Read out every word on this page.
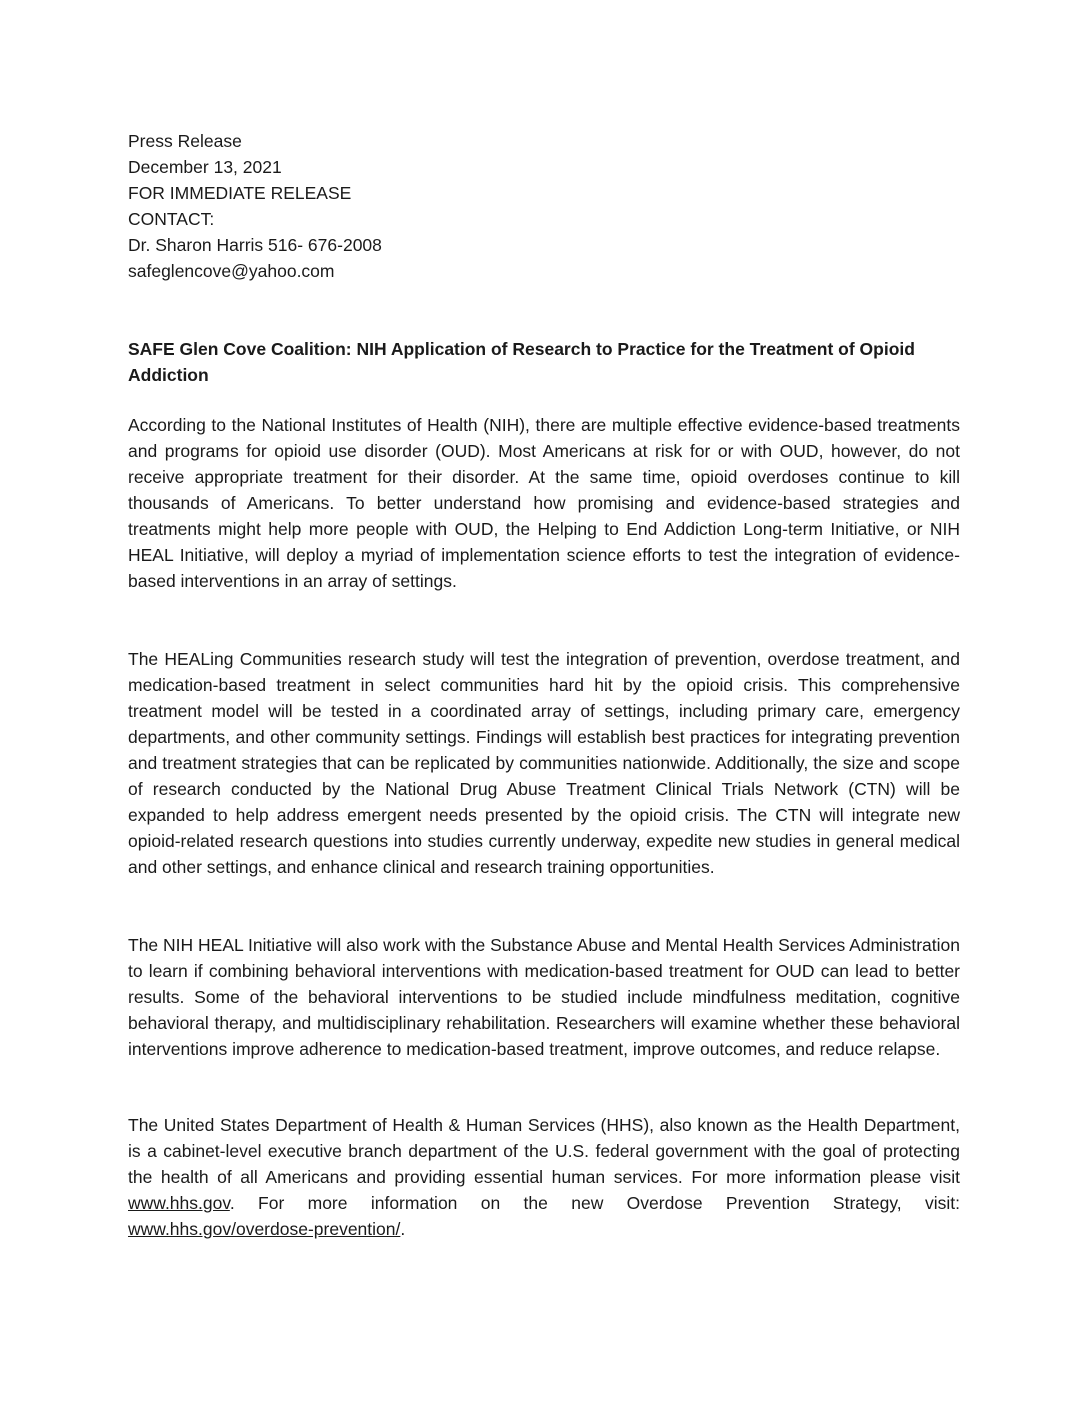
Press Release
December 13, 2021
FOR IMMEDIATE RELEASE
CONTACT:
Dr. Sharon Harris 516- 676-2008
safeglencove@yahoo.com
SAFE Glen Cove Coalition: NIH Application of Research to Practice for the Treatment of Opioid Addiction

According to the National Institutes of Health (NIH), there are multiple effective evidence-based treatments and programs for opioid use disorder (OUD). Most Americans at risk for or with OUD, however, do not receive appropriate treatment for their disorder. At the same time, opioid overdoses continue to kill thousands of Americans. To better understand how promising and evidence-based strategies and treatments might help more people with OUD, the Helping to End Addiction Long-term Initiative, or NIH HEAL Initiative, will deploy a myriad of implementation science efforts to test the integration of evidence-based interventions in an array of settings.

The HEALing Communities research study will test the integration of prevention, overdose treatment, and medication-based treatment in select communities hard hit by the opioid crisis. This comprehensive treatment model will be tested in a coordinated array of settings, including primary care, emergency departments, and other community settings. Findings will establish best practices for integrating prevention and treatment strategies that can be replicated by communities nationwide. Additionally, the size and scope of research conducted by the National Drug Abuse Treatment Clinical Trials Network (CTN) will be expanded to help address emergent needs presented by the opioid crisis. The CTN will integrate new opioid-related research questions into studies currently underway, expedite new studies in general medical and other settings, and enhance clinical and research training opportunities.

The NIH HEAL Initiative will also work with the Substance Abuse and Mental Health Services Administration to learn if combining behavioral interventions with medication-based treatment for OUD can lead to better results. Some of the behavioral interventions to be studied include mindfulness meditation, cognitive behavioral therapy, and multidisciplinary rehabilitation. Researchers will examine whether these behavioral interventions improve adherence to medication-based treatment, improve outcomes, and reduce relapse.

The United States Department of Health & Human Services (HHS), also known as the Health Department, is a cabinet-level executive branch department of the U.S. federal government with the goal of protecting the health of all Americans and providing essential human services. For more information please visit www.hhs.gov. For more information on the new Overdose Prevention Strategy, visit: www.hhs.gov/overdose-prevention/.
